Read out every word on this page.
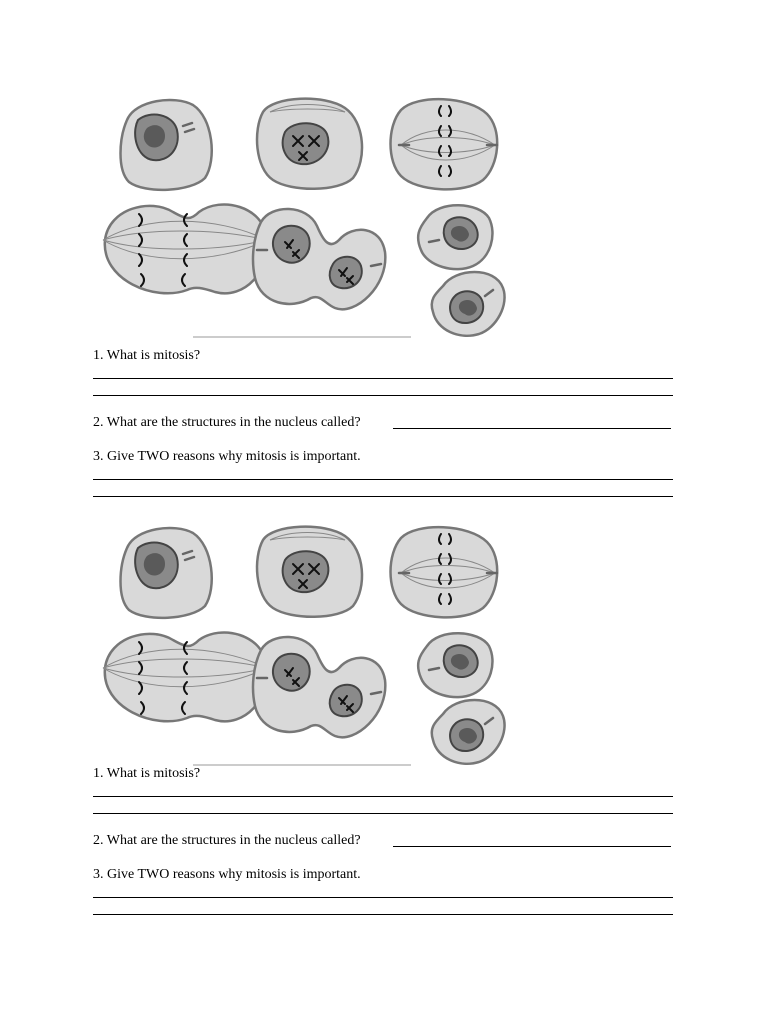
1. What is mitosis?
2. What are the structures in the nucleus called?
3. Give TWO reasons why mitosis is important.
1. What is mitosis?
2. What are the structures in the nucleus called?
3. Give TWO reasons why mitosis is important.
